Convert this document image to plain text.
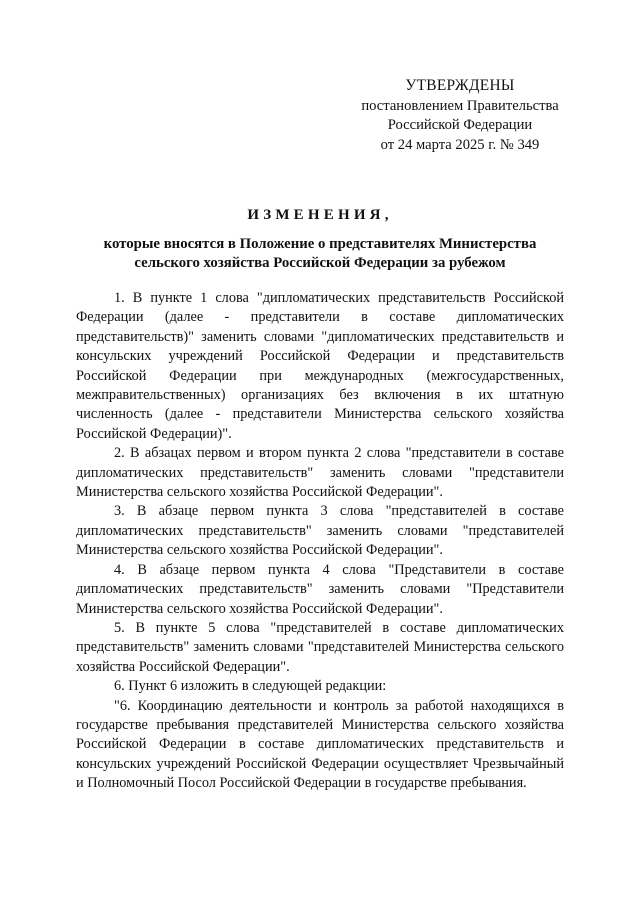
УТВЕРЖДЕНЫ
постановлением Правительства
Российской Федерации
от 24 марта 2025 г. № 349
ИЗМЕНЕНИЯ,
которые вносятся в Положение о представителях Министерства
сельского хозяйства Российской Федерации за рубежом

1. В пункте 1 слова "дипломатических представительств Российской Федерации (далее - представители в составе дипломатических представительств)" заменить словами "дипломатических представительств и консульских учреждений Российской Федерации и представительств Российской Федерации при международных (межгосударственных, межправительственных) организациях без включения в их штатную численность (далее - представители Министерства сельского хозяйства Российской Федерации)".

2. В абзацах первом и втором пункта 2 слова "представители в составе дипломатических представительств" заменить словами "представители Министерства сельского хозяйства Российской Федерации".

3. В абзаце первом пункта 3 слова "представителей в составе дипломатических представительств" заменить словами "представителей Министерства сельского хозяйства Российской Федерации".

4. В абзаце первом пункта 4 слова "Представители в составе дипломатических представительств" заменить словами "Представители Министерства сельского хозяйства Российской Федерации".

5. В пункте 5 слова "представителей в составе дипломатических представительств" заменить словами "представителей Министерства сельского хозяйства Российской Федерации".

6. Пункт 6 изложить в следующей редакции:

"6. Координацию деятельности и контроль за работой находящихся в государстве пребывания представителей Министерства сельского хозяйства Российской Федерации в составе дипломатических представительств и консульских учреждений Российской Федерации осуществляет Чрезвычайный и Полномочный Посол Российской Федерации в государстве пребывания.
